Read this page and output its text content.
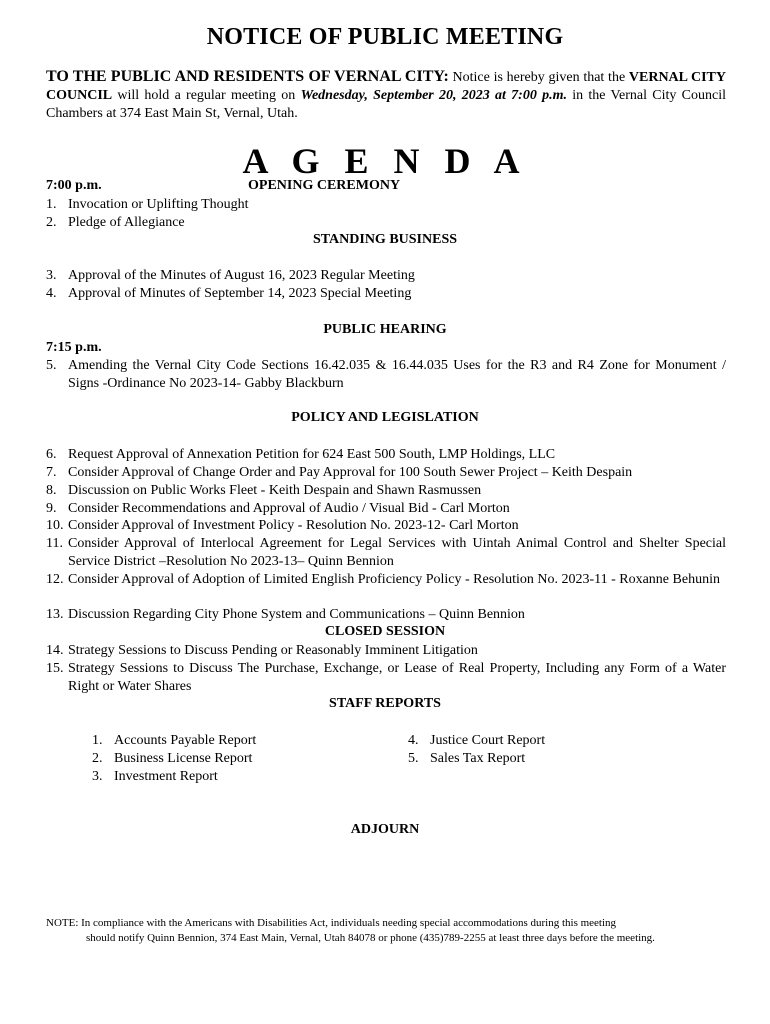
NOTICE OF PUBLIC MEETING
TO THE PUBLIC AND RESIDENTS OF VERNAL CITY: Notice is hereby given that the VERNAL CITY COUNCIL will hold a regular meeting on Wednesday, September 20, 2023 at 7:00 p.m. in the Vernal City Council Chambers at 374 East Main St, Vernal, Utah.
A G E N D A
7:00 p.m.	OPENING CEREMONY
1. Invocation or Uplifting Thought
2. Pledge of Allegiance
STANDING BUSINESS
3. Approval of the Minutes of August 16, 2023 Regular Meeting
4. Approval of Minutes of September 14, 2023 Special Meeting
PUBLIC HEARING
7:15 p.m.
5. Amending the Vernal City Code Sections 16.42.035 & 16.44.035 Uses for the R3 and R4 Zone for Monument / Signs -Ordinance No 2023-14- Gabby Blackburn
POLICY AND LEGISLATION
6. Request Approval of Annexation Petition for 624 East 500 South, LMP Holdings, LLC
7. Consider Approval of Change Order and Pay Approval for 100 South Sewer Project – Keith Despain
8. Discussion on Public Works Fleet - Keith Despain and Shawn Rasmussen
9. Consider Recommendations and Approval of Audio / Visual Bid - Carl Morton
10. Consider Approval of Investment Policy - Resolution No. 2023-12- Carl Morton
11. Consider Approval of Interlocal Agreement for Legal Services with Uintah Animal Control and Shelter Special Service District –Resolution No 2023-13– Quinn Bennion
12. Consider Approval of Adoption of Limited English Proficiency Policy - Resolution No. 2023-11 - Roxanne Behunin
13. Discussion Regarding City Phone System and Communications – Quinn Bennion
CLOSED SESSION
14. Strategy Sessions to Discuss Pending or Reasonably Imminent Litigation
15. Strategy Sessions to Discuss The Purchase, Exchange, or Lease of Real Property, Including any Form of a Water Right or Water Shares
STAFF REPORTS
1. Accounts Payable Report
2. Business License Report
3. Investment Report
4. Justice Court Report
5. Sales Tax Report
ADJOURN
NOTE: In compliance with the Americans with Disabilities Act, individuals needing special accommodations during this meeting
should notify Quinn Bennion, 374 East Main, Vernal, Utah 84078 or phone (435)789-2255 at least three days before the meeting.
